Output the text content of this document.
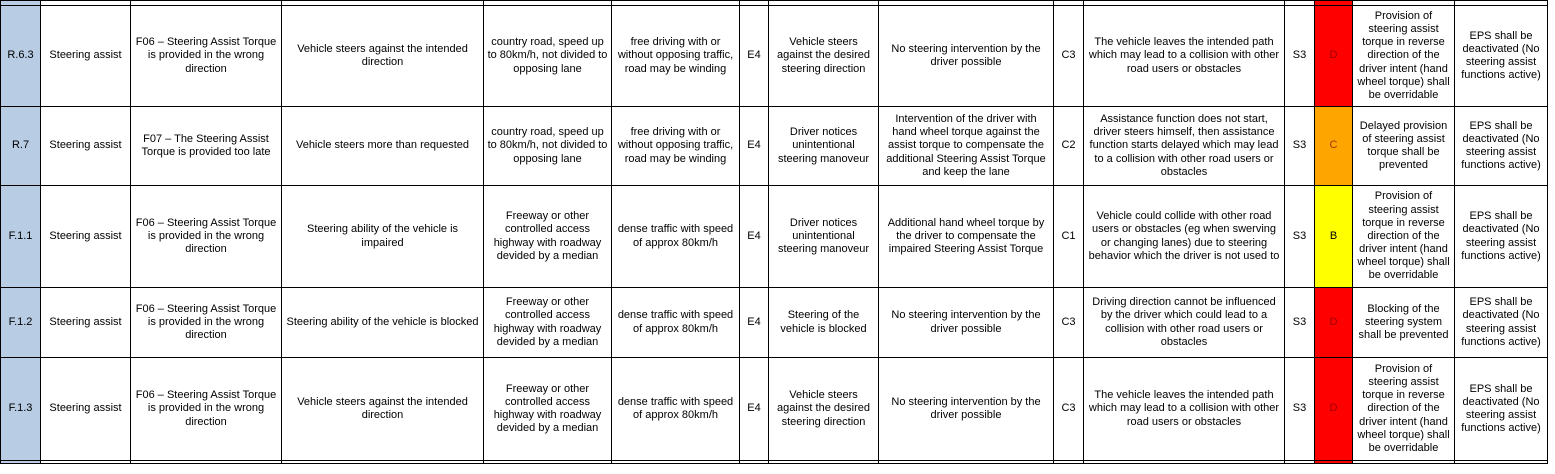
R.6.3	Steering assist	F06 – Steering Assist Torque is provided in the wrong direction	Vehicle steers against the intended direction	country road, speed up to 80km/h, not divided to opposing lane	free driving with or without opposing traffic, road may be winding	E4	Vehicle steers against the desired steering direction	No steering intervention by the driver possible	C3	The vehicle leaves the intended path which may lead to a collision with other road users or obstacles	S3	D	Provision of steering assist torque in reverse direction of the driver intent (hand wheel torque) shall be overridable	EPS shall be deactivated (No steering assist functions active)
R.7	Steering assist	F07 – The Steering Assist Torque is provided too late	Vehicle steers more than requested	country road, speed up to 80km/h, not divided to opposing lane	free driving with or without opposing traffic, road may be winding	E4	Driver notices unintentional steering manoveur	Intervention of the driver with hand wheel torque against the assist torque to compensate the additional Steering Assist Torque and keep the lane	C2	Assistance function does not start, driver steers himself, then assistance function starts delayed which may lead to a collision with other road users or obstacles	S3	C	Delayed provision of steering assist torque shall be prevented	EPS shall be deactivated (No steering assist functions active)
F.1.1	Steering assist	F06 – Steering Assist Torque is provided in the wrong direction	Steering ability of the vehicle is impaired	Freeway or other controlled access highway with roadway devided by a median	dense traffic with speed of approx 80km/h	E4	Driver notices unintentional steering manoveur	Additional hand wheel torque by the driver to compensate the impaired Steering Assist Torque	C1	Vehicle could collide with other road users or obstacles (eg when swerving or changing lanes) due to steering behavior which the driver is not used to	S3	B	Provision of steering assist torque in reverse direction of the driver intent (hand wheel torque) shall be overridable	EPS shall be deactivated (No steering assist functions active)
F.1.2	Steering assist	F06 – Steering Assist Torque is provided in the wrong direction	Steering ability of the vehicle is blocked	Freeway or other controlled access highway with roadway devided by a median	dense traffic with speed of approx 80km/h	E4	Steering of the vehicle is blocked	No steering intervention by the driver possible	C3	Driving direction cannot be influenced by the driver which could lead to a collision with other road users or obstacles	S3	D	Blocking of the steering system shall be prevented	EPS shall be deactivated (No steering assist functions active)
F.1.3	Steering assist	F06 – Steering Assist Torque is provided in the wrong direction	Vehicle steers against the intended direction	Freeway or other controlled access highway with roadway devided by a median	dense traffic with speed of approx 80km/h	E4	Vehicle steers against the desired steering direction	No steering intervention by the driver possible	C3	The vehicle leaves the intended path which may lead to a collision with other road users or obstacles	S3	D	Provision of steering assist torque in reverse direction of the driver intent (hand wheel torque) shall be overridable	EPS shall be deactivated (No steering assist functions active)
